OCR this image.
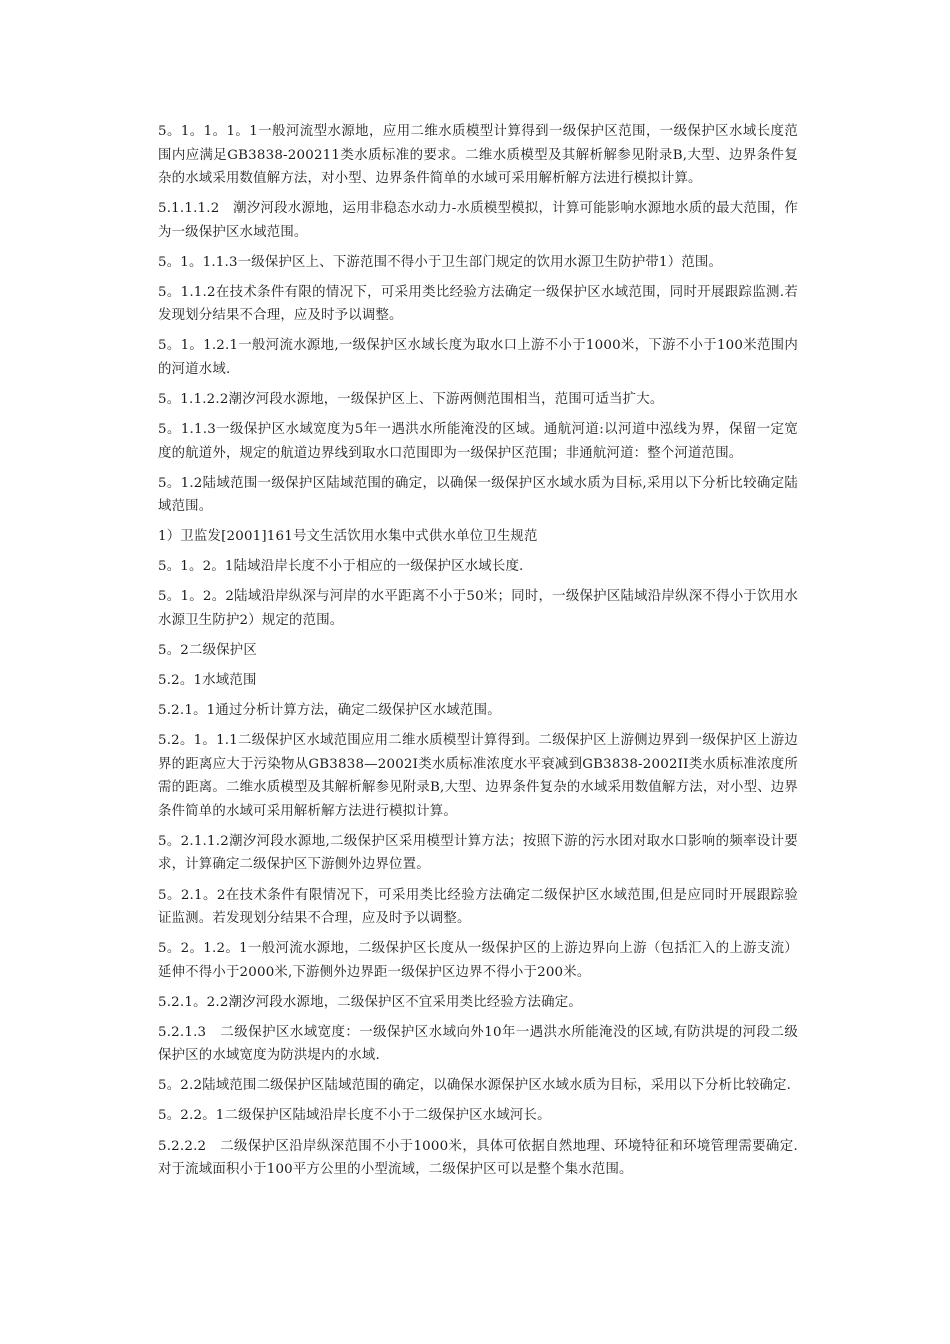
5。1。1。1。1一般河流型水源地，应用二维水质模型计算得到一级保护区范围，一级保护区水域长度范围内应满足GB3838-200211类水质标准的要求。二维水质模型及其解析解参见附录B,大型、边界条件复杂的水域采用数值解方法，对小型、边界条件简单的水域可采用解析解方法进行模拟计算。

5.1.1.1.2　潮汐河段水源地，运用非稳态水动力-水质模型模拟，计算可能影响水源地水质的最大范围，作为一级保护区水域范围。

5。1。1.1.3一级保护区上、下游范围不得小于卫生部门规定的饮用水源卫生防护带1）范围。

5。1.1.2在技术条件有限的情况下，可采用类比经验方法确定一级保护区水域范围，同时开展跟踪监测.若发现划分结果不合理，应及时予以调整。

5。1。1.2.1一般河流水源地,一级保护区水域长度为取水口上游不小于1000米，下游不小于100米范围内的河道水域.

5。1.1.2.2潮汐河段水源地，一级保护区上、下游两侧范围相当，范围可适当扩大。

5。1.1.3一级保护区水域宽度为5年一遇洪水所能淹没的区域。通航河道:以河道中泓线为界，保留一定宽度的航道外，规定的航道边界线到取水口范围即为一级保护区范围；非通航河道：整个河道范围。

5。1.2陆域范围一级保护区陆域范围的确定，以确保一级保护区水域水质为目标,采用以下分析比较确定陆域范围。

1）卫监发[2001]161号文生活饮用水集中式供水单位卫生规范

5。1。2。1陆域沿岸长度不小于相应的一级保护区水域长度.

5。1。2。2陆域沿岸纵深与河岸的水平距离不小于50米；同时，一级保护区陆域沿岸纵深不得小于饮用水水源卫生防护2）规定的范围。

5。2二级保护区

5.2。1水域范围

5.2.1。1通过分析计算方法，确定二级保护区水域范围。

5.2。1。1.1二级保护区水域范围应用二维水质模型计算得到。二级保护区上游侧边界到一级保护区上游边界的距离应大于污染物从GB3838—2002I类水质标准浓度水平衰减到GB3838-2002II类水质标准浓度所需的距离。二维水质模型及其解析解参见附录B,大型、边界条件复杂的水域采用数值解方法，对小型、边界条件简单的水域可采用解析解方法进行模拟计算。

5。2.1.1.2潮汐河段水源地,二级保护区采用模型计算方法；按照下游的污水团对取水口影响的频率设计要求，计算确定二级保护区下游侧外边界位置。

5。2.1。2在技术条件有限情况下，可采用类比经验方法确定二级保护区水域范围,但是应同时开展跟踪验证监测。若发现划分结果不合理，应及时予以调整。

5。2。1.2。1一般河流水源地，二级保护区长度从一级保护区的上游边界向上游（包括汇入的上游支流）延伸不得小于2000米,下游侧外边界距一级保护区边界不得小于200米。

5.2.1。2.2潮汐河段水源地，二级保护区不宜采用类比经验方法确定。

5.2.1.3　二级保护区水域宽度：一级保护区水域向外10年一遇洪水所能淹没的区域,有防洪堤的河段二级保护区的水域宽度为防洪堤内的水域.

5。2.2陆域范围二级保护区陆域范围的确定，以确保水源保护区水域水质为目标，采用以下分析比较确定.

5。2.2。1二级保护区陆域沿岸长度不小于二级保护区水域河长。

5.2.2.2　二级保护区沿岸纵深范围不小于1000米，具体可依据自然地理、环境特征和环境管理需要确定.对于流域面积小于100平方公里的小型流域，二级保护区可以是整个集水范围。
